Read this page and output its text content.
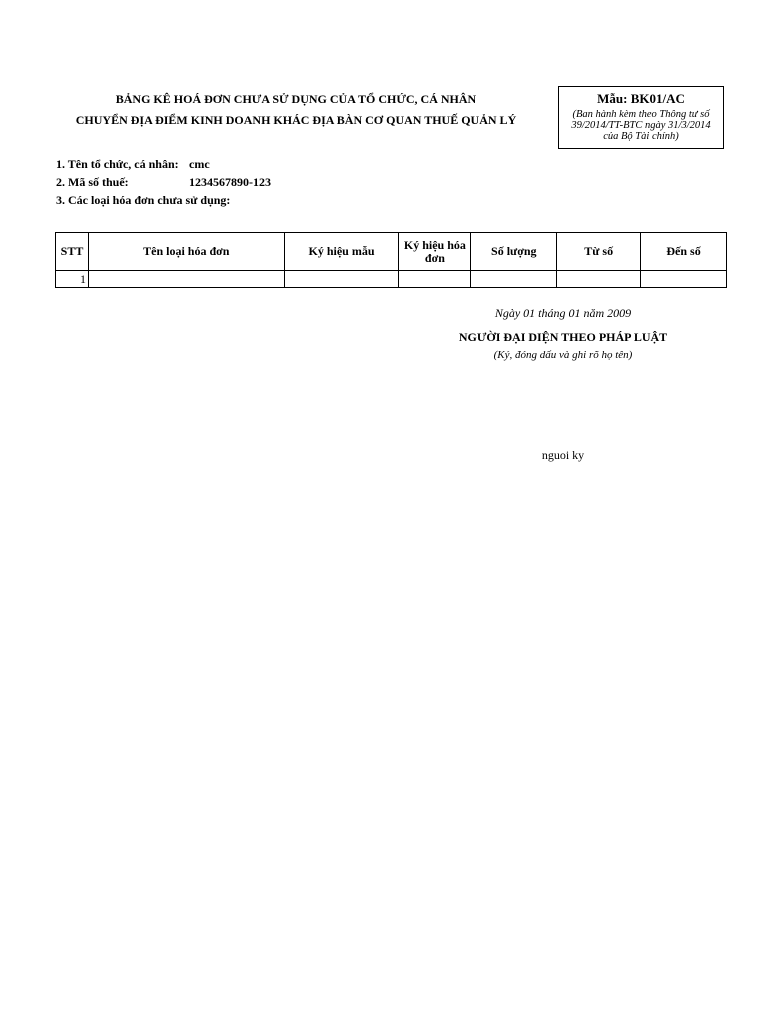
BẢNG KÊ HOÁ ĐƠN CHƯA SỬ DỤNG CỦA TỔ CHỨC, CÁ NHÂN
CHUYỂN ĐỊA ĐIỂM KINH DOANH KHÁC ĐỊA BÀN CƠ QUAN THUẾ QUẢN LÝ
Mẫu: BK01/AC
(Ban hành kèm theo Thông tư số 39/2014/TT-BTC ngày 31/3/2014 của Bộ Tài chính)
1. Tên tổ chức, cá nhân: cmc
2. Mã số thuế:	1234567890-123
3. Các loại hóa đơn chưa sử dụng:
STT	Tên loại hóa đơn	Ký hiệu mẫu	Ký hiệu hóa đơn	Số lượng	Từ số	Đến số
1						
Ngày 01 tháng 01 năm 2009
NGƯỜI ĐẠI DIỆN THEO PHÁP LUẬT
(Ký, đóng dấu và ghi rõ họ tên)
nguoi ky
